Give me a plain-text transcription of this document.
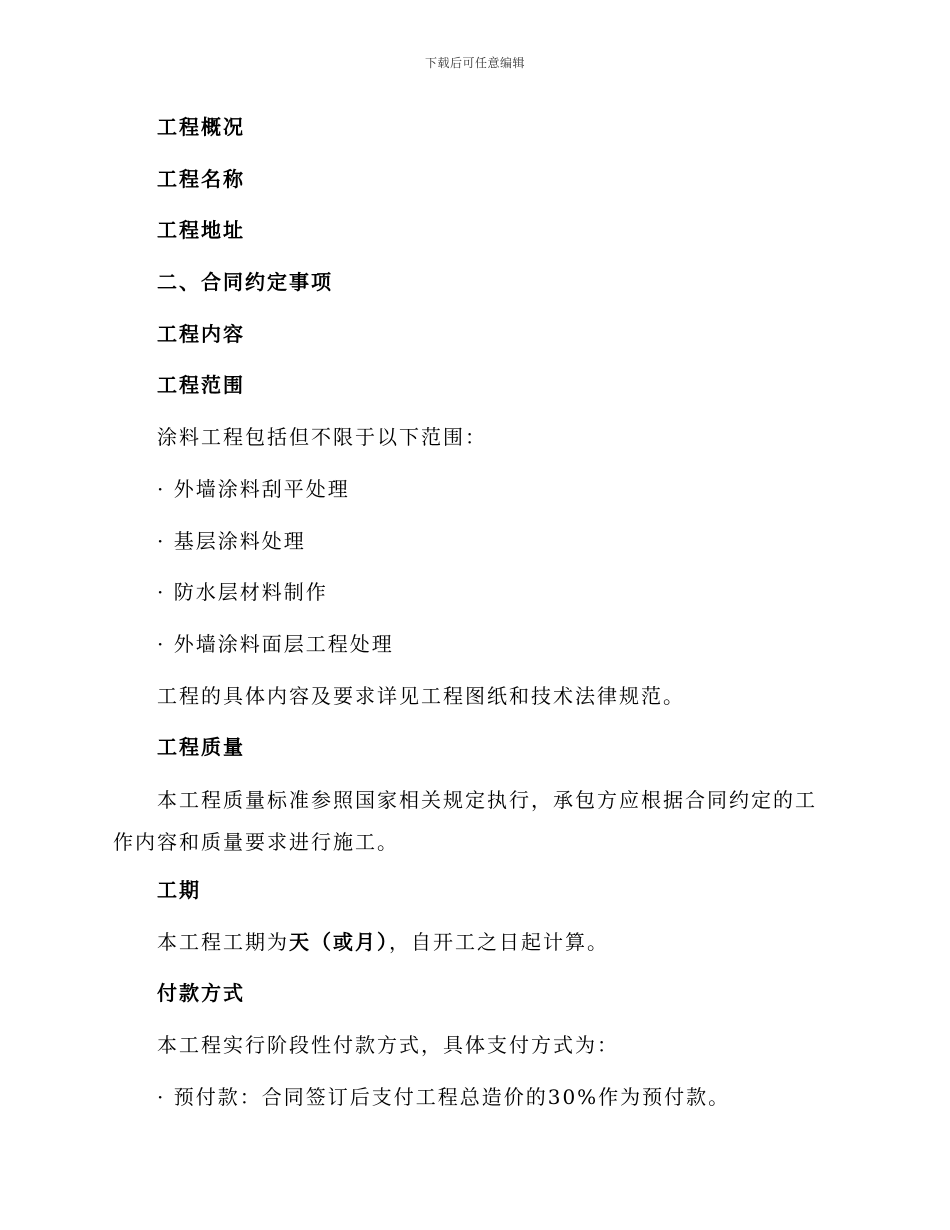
下载后可任意编辑
工程概况
工程名称
工程地址
二、合同约定事项
工程内容
工程范围
涂料工程包括但不限于以下范围：
· 外墙涂料刮平处理
· 基层涂料处理
· 防水层材料制作
· 外墙涂料面层工程处理
工程的具体内容及要求详见工程图纸和技术法律规范。
工程质量
本工程质量标准参照国家相关规定执行，承包方应根据合同约定的工作内容和质量要求进行施工。
工期
本工程工期为天（或月），自开工之日起计算。
付款方式
本工程实行阶段性付款方式，具体支付方式为：
· 预付款：合同签订后支付工程总造价的30%作为预付款。
